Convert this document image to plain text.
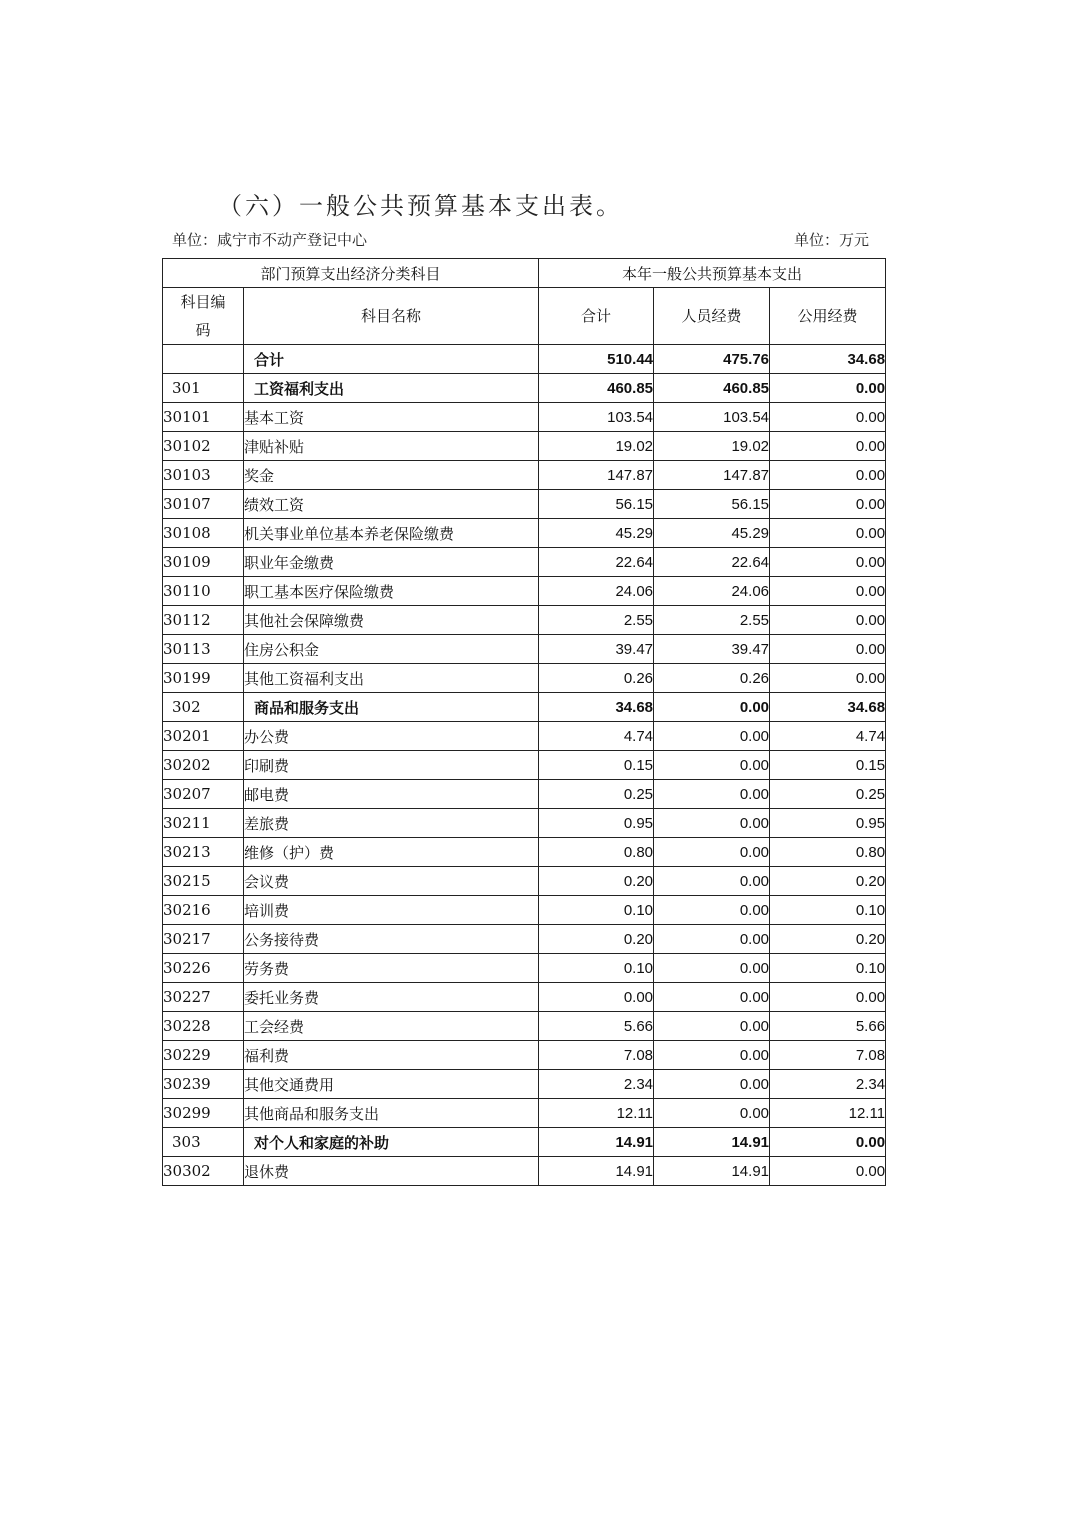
（六）一般公共预算基本支出表。
单位：咸宁市不动产登记中心	单位：万元
部门预算支出经济分类科目		本年一般公共预算基本支出		
科目编码	科目名称	合计	人员经费	公用经费
	合计	510.44	475.76	34.68
301	工资福利支出	460.85	460.85	0.00
30101	基本工资	103.54	103.54	0.00
30102	津贴补贴	19.02	19.02	0.00
30103	奖金	147.87	147.87	0.00
30107	绩效工资	56.15	56.15	0.00
30108	机关事业单位基本养老保险缴费	45.29	45.29	0.00
30109	职业年金缴费	22.64	22.64	0.00
30110	职工基本医疗保险缴费	24.06	24.06	0.00
30112	其他社会保障缴费	2.55	2.55	0.00
30113	住房公积金	39.47	39.47	0.00
30199	其他工资福利支出	0.26	0.26	0.00
302	商品和服务支出	34.68	0.00	34.68
30201	办公费	4.74	0.00	4.74
30202	印刷费	0.15	0.00	0.15
30207	邮电费	0.25	0.00	0.25
30211	差旅费	0.95	0.00	0.95
30213	维修（护）费	0.80	0.00	0.80
30215	会议费	0.20	0.00	0.20
30216	培训费	0.10	0.00	0.10
30217	公务接待费	0.20	0.00	0.20
30226	劳务费	0.10	0.00	0.10
30227	委托业务费	0.00	0.00	0.00
30228	工会经费	5.66	0.00	5.66
30229	福利费	7.08	0.00	7.08
30239	其他交通费用	2.34	0.00	2.34
30299	其他商品和服务支出	12.11	0.00	12.11
303	对个人和家庭的补助	14.91	14.91	0.00
30302	退休费	14.91	14.91	0.00
